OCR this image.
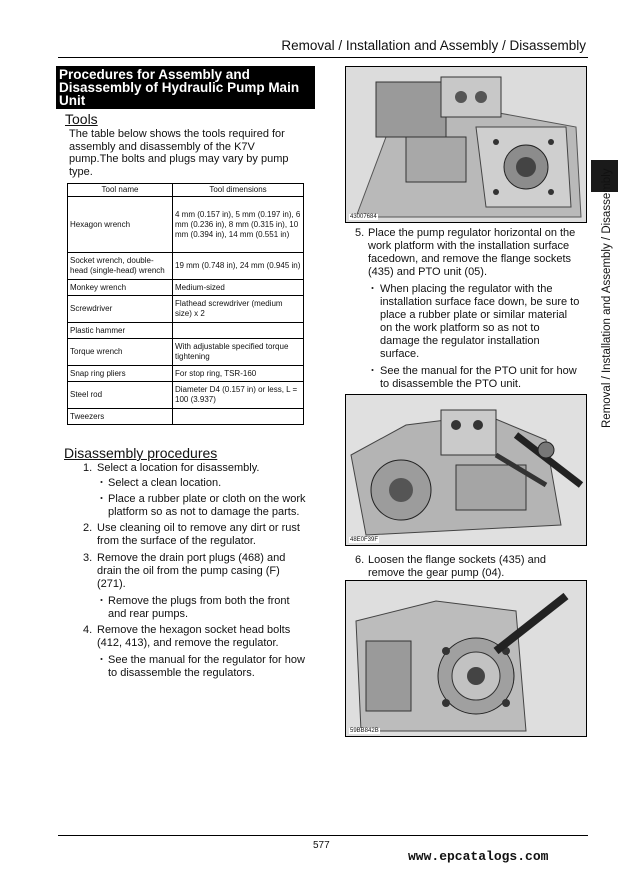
Removal / Installation and Assembly / Disassembly
Procedures for Assembly and Disassembly of Hydraulic Pump Main Unit
Tools
The table below shows the tools required for assembly and disassembly of the K7V pump.The bolts and plugs may vary by pump type.
Tool name	Tool dimensions
Hexagon wrench	4 mm (0.157 in), 5 mm (0.197 in), 6 mm (0.236 in), 8 mm (0.315 in), 10 mm (0.394 in), 14 mm (0.551 in)
Socket wrench, double-head (single-head) wrench	19 mm (0.748 in), 24 mm (0.945 in)
Monkey wrench	Medium-sized
Screwdriver	Flathead screwdriver (medium size) x 2
Plastic hammer	
Torque wrench	With adjustable specified torque tightening
Snap ring pliers	For stop ring, TSR-160
Steel rod	Diameter D4 (0.157 in) or less, L = 100 (3.937)
Tweezers	
Disassembly procedures
1. Select a location for disassembly.
・ Select a clean location.
・ Place a rubber plate or cloth on the work
platform so as not to damage the parts.
2. Use cleaning oil to remove any dirt or rust
from the surface of the regulator.
3. Remove the drain port plugs (468) and
drain the oil from the pump casing (F)
(271).
・ Remove the plugs from both the front
and rear pumps.
4. Remove the hexagon socket head bolts
(412, 413), and remove the regulator.
・ See the manual for the regulator for how
to disassemble the regulators.
43007684
5. Place the pump regulator horizontal on the
work platform with the installation surface
facedown, and remove the flange sockets
(435) and PTO unit (05).
・ When placing the regulator with the
installation surface face down, be sure to
place a rubber plate or similar material
on the work platform so as not to
damage the regulator installation
surface.
・ See the manual for the PTO unit for how
to disassemble the PTO unit.
48E0F39F
6. Loosen the flange sockets (435) and
remove the gear pump (04).
59BB842B
Removal / Installation and Assembly / Disassembly
577
www.epcatalogs.com
